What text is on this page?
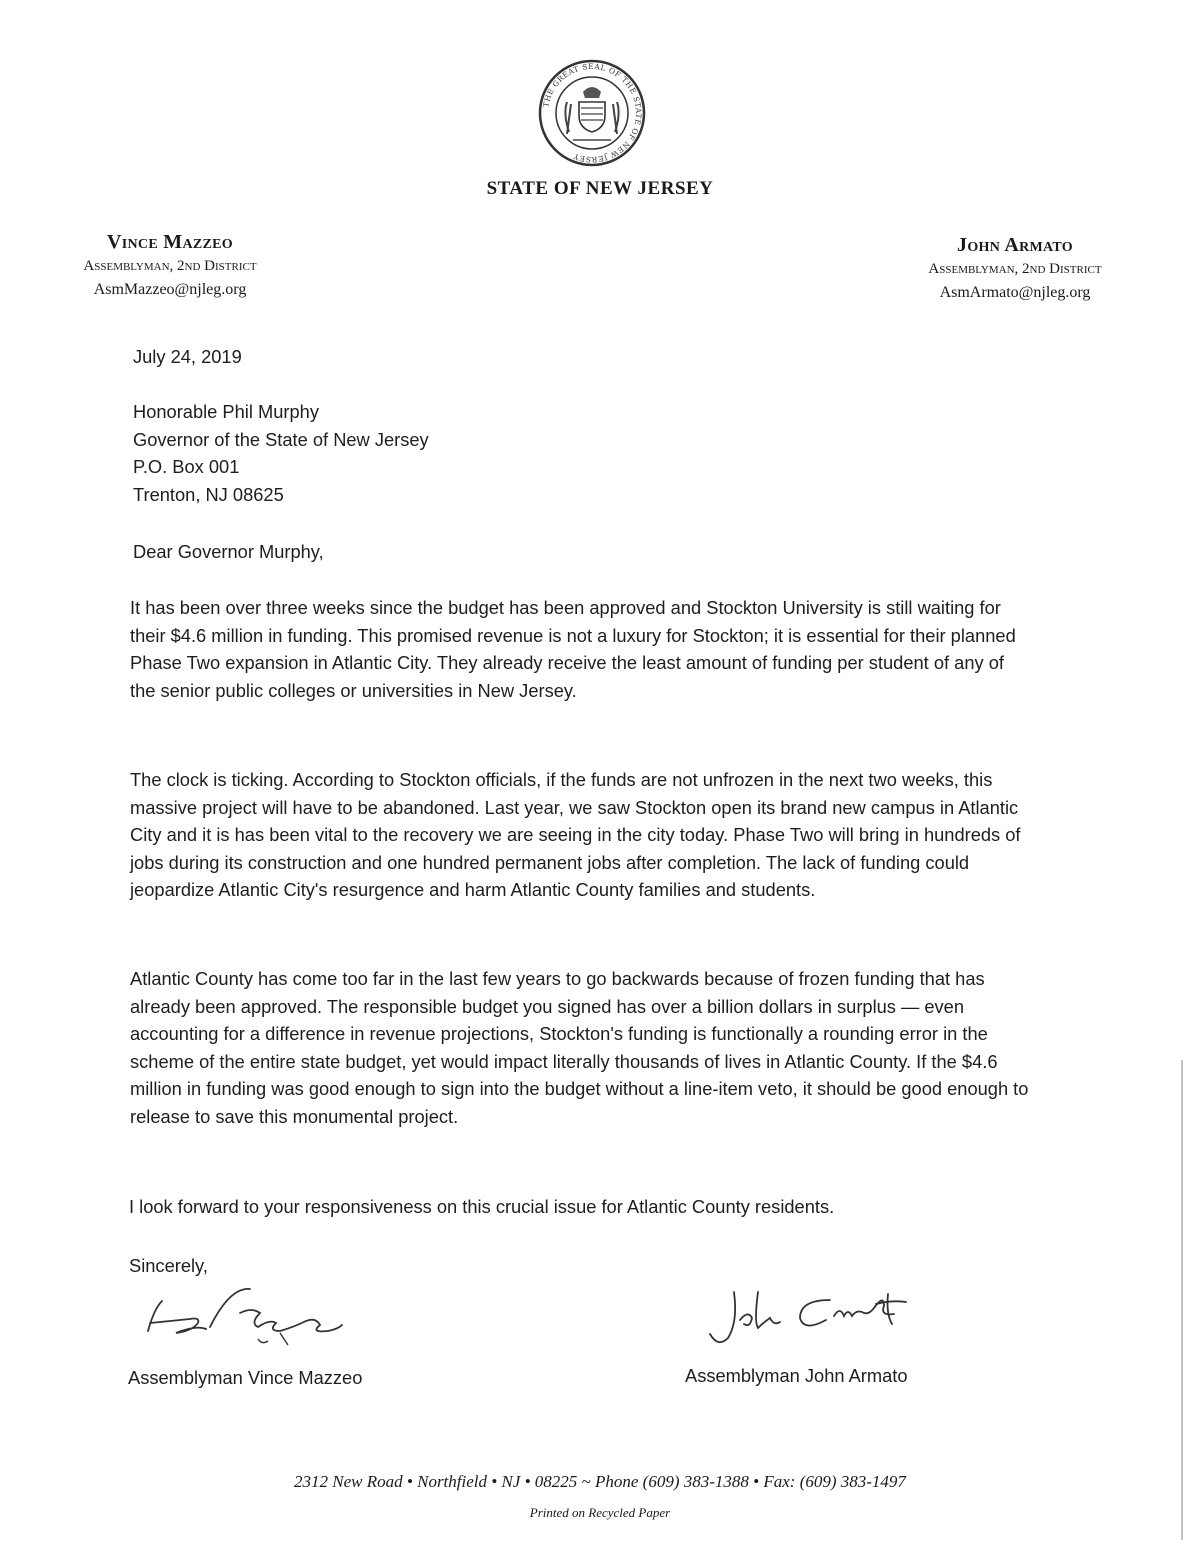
THE GREAT SEAL OF THE STATE OF NEW JERSEY
STATE OF NEW JERSEY
Vince Mazzeo
Assemblyman, 2nd District
AsmMazzeo@njleg.org
John Armato
Assemblyman, 2nd District
AsmArmato@njleg.org
July 24, 2019
Honorable Phil Murphy
Governor of the State of New Jersey
P.O. Box 001
Trenton, NJ 08625
Dear Governor Murphy,
It has been over three weeks since the budget has been approved and Stockton University is still waiting for their $4.6 million in funding. This promised revenue is not a luxury for Stockton; it is essential for their planned Phase Two expansion in Atlantic City. They already receive the least amount of funding per student of any of the senior public colleges or universities in New Jersey.
The clock is ticking. According to Stockton officials, if the funds are not unfrozen in the next two weeks, this massive project will have to be abandoned. Last year, we saw Stockton open its brand new campus in Atlantic City and it is has been vital to the recovery we are seeing in the city today. Phase Two will bring in hundreds of jobs during its construction and one hundred permanent jobs after completion. The lack of funding could jeopardize Atlantic City's resurgence and harm Atlantic County families and students.
Atlantic County has come too far in the last few years to go backwards because of frozen funding that has already been approved. The responsible budget you signed has over a billion dollars in surplus — even accounting for a difference in revenue projections, Stockton's funding is functionally a rounding error in the scheme of the entire state budget, yet would impact literally thousands of lives in Atlantic County. If the $4.6 million in funding was good enough to sign into the budget without a line-item veto, it should be good enough to release to save this monumental project.
I look forward to your responsiveness on this crucial issue for Atlantic County residents.
Sincerely,
Assemblyman Vince Mazzeo	Assemblyman John Armato
2312 New Road • Northfield • NJ • 08225 ~ Phone (609) 383-1388 • Fax: (609) 383-1497
Printed on Recycled Paper
